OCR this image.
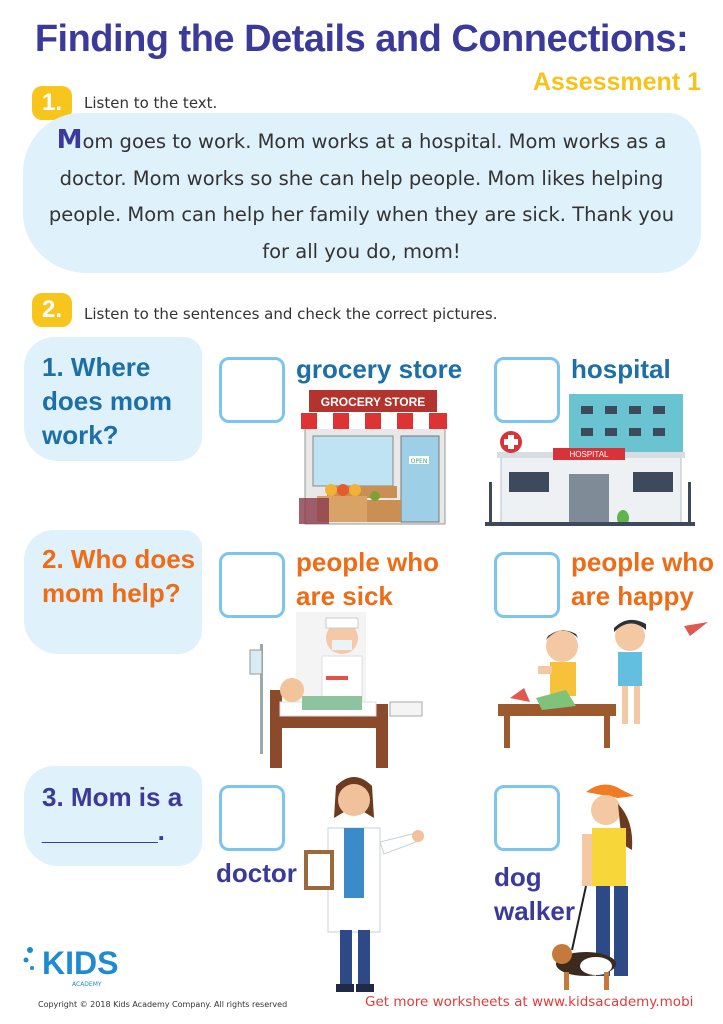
Finding the Details and Connections:
Assessment 1
1.	Listen to the text.
Mom goes to work. Mom works at a hospital. Mom works as a doctor. Mom works so she can help people. Mom likes helping people. Mom can help her family when they are sick. Thank you for all you do, mom!
2.	Listen to the sentences and check the correct pictures.
1. Where does mom work?
grocery store
GROCERY STORE
OPEN
hospital
HOSPITAL
2. Who does mom help?
people who are sick
people who are happy
3. Mom is a ________.
doctor	dog walker
KIDS
ACADEMY
Copyright © 2018 Kids Academy Company. All rights reserved	Get more worksheets at www.kidsacademy.mobi
